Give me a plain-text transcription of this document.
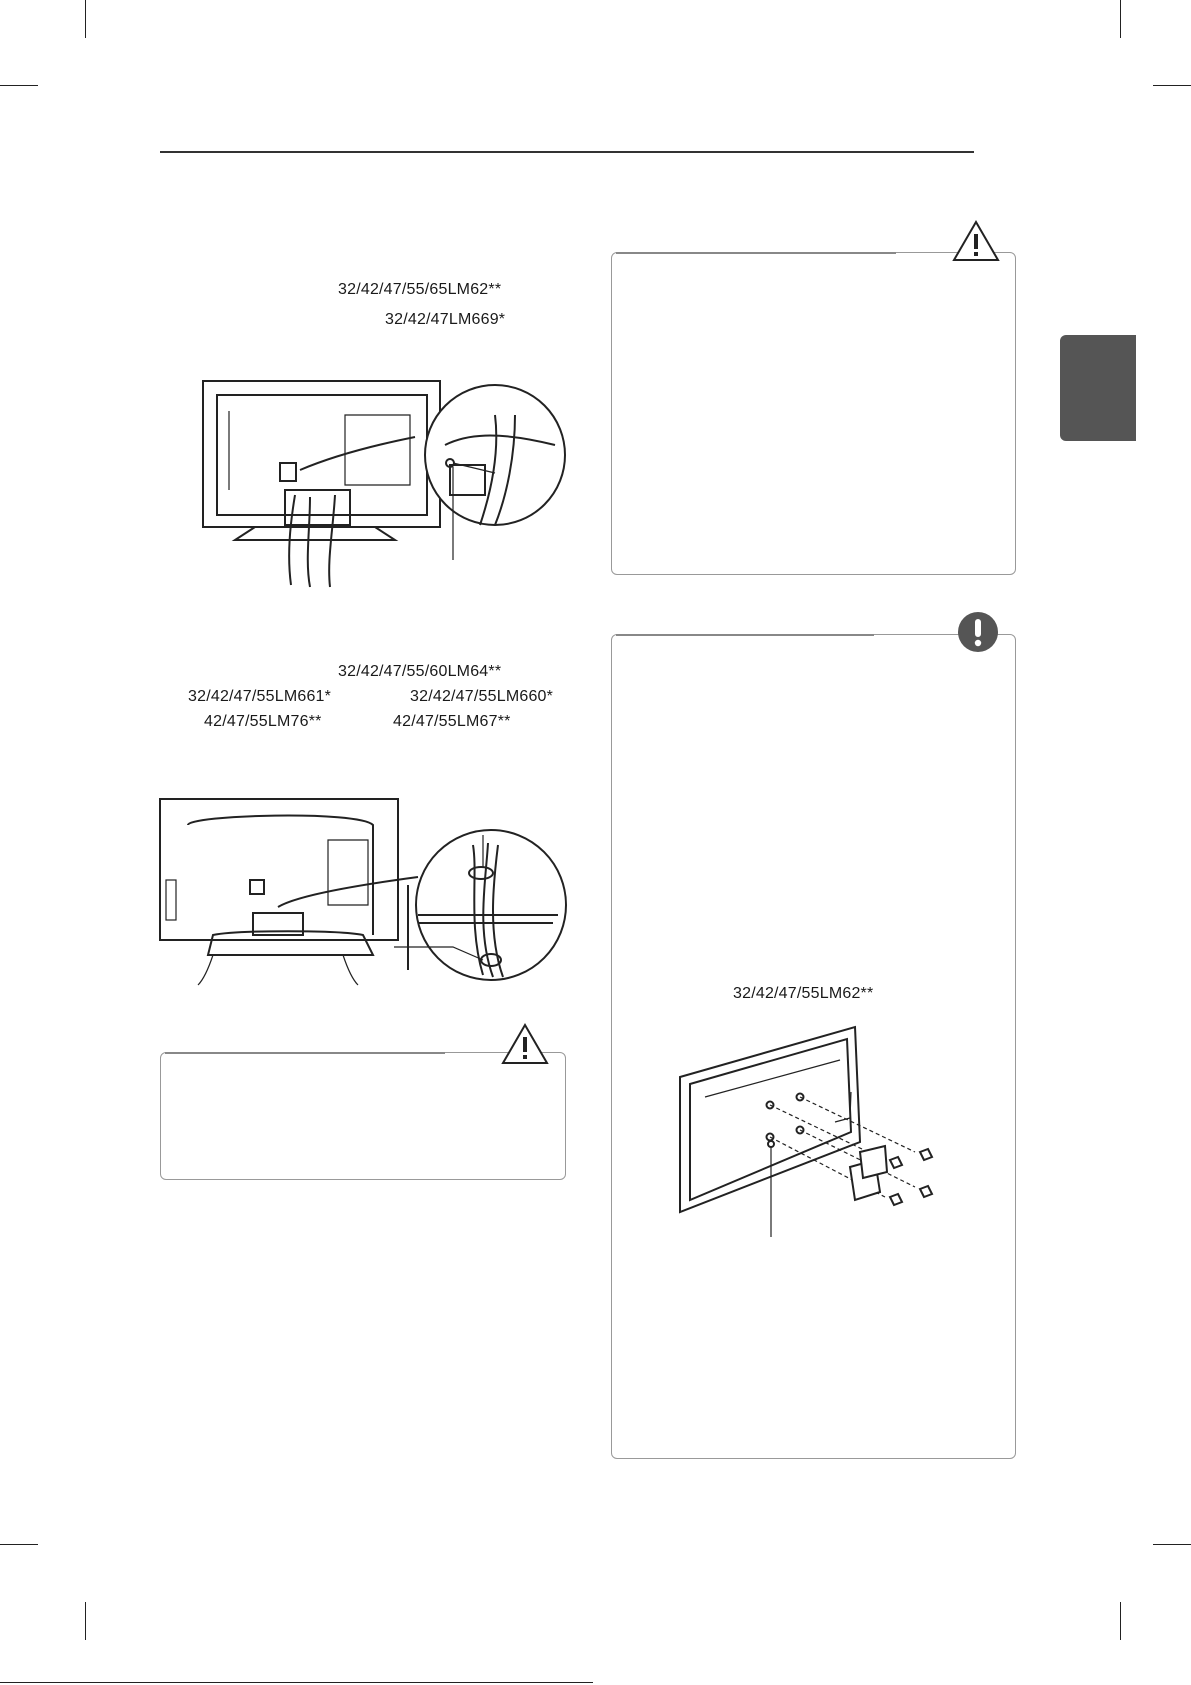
32/42/47/55/65LM62**
32/42/47LM669*
32/42/47/55/60LM64**
32/42/47/55LM661*	32/42/47/55LM660*
42/47/55LM76**	42/47/55LM67**
32/42/47/55LM62**
